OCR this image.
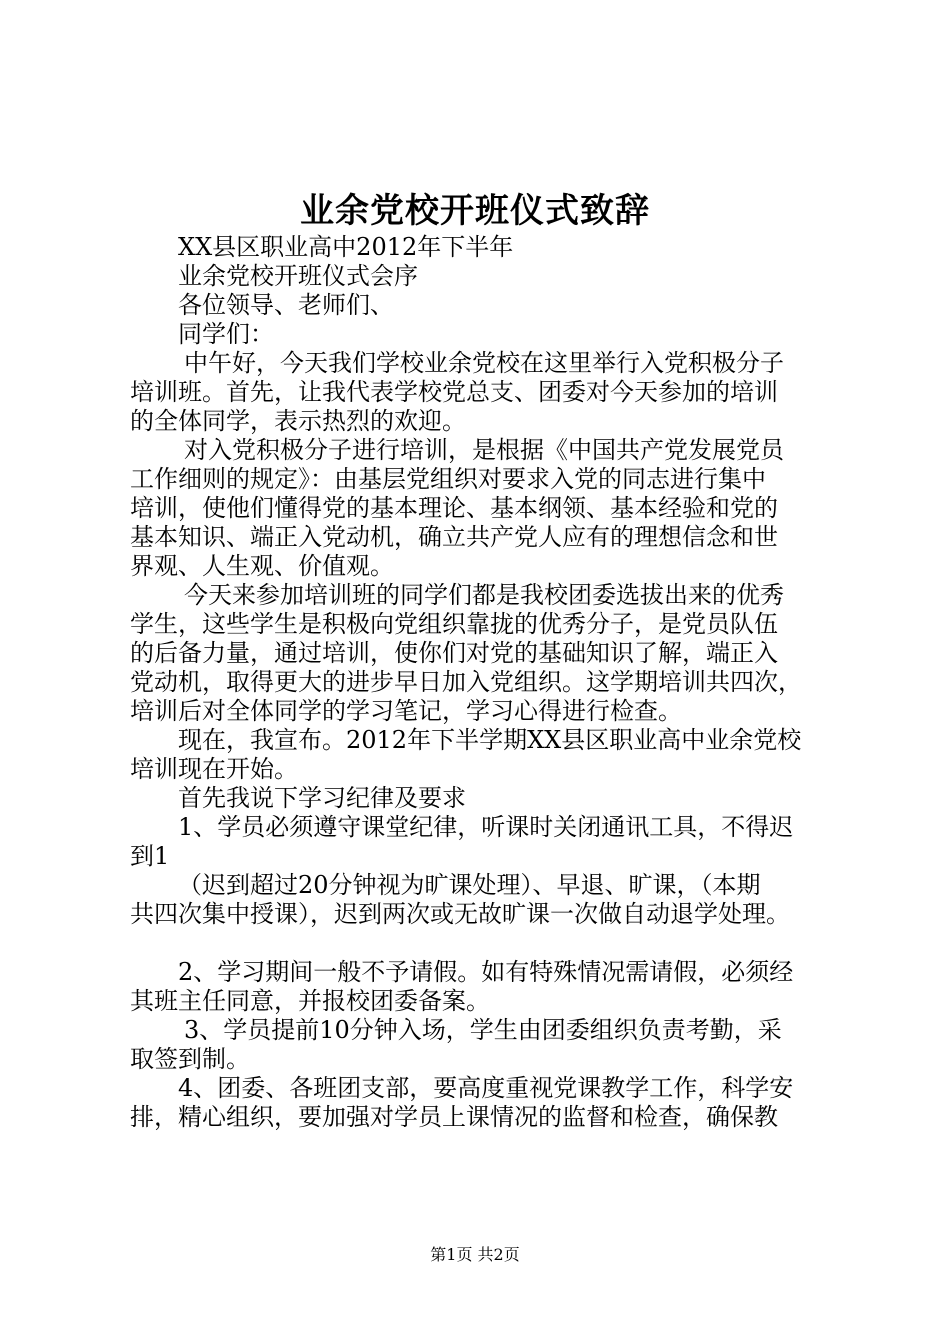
业余党校开班仪式致辞
XX县区职业高中2012年下半年
业余党校开班仪式会序
各位领导、老师们、
同学们：
中午好，今天我们学校业余党校在这里举行入党积极分子
培训班。首先，让我代表学校党总支、团委对今天参加的培训
的全体同学，表示热烈的欢迎。
对入党积极分子进行培训，是根据《中国共产党发展党员
工作细则的规定》：由基层党组织对要求入党的同志进行集中
培训，使他们懂得党的基本理论、基本纲领、基本经验和党的
基本知识、端正入党动机，确立共产党人应有的理想信念和世
界观、人生观、价值观。
今天来参加培训班的同学们都是我校团委选拔出来的优秀
学生，这些学生是积极向党组织靠拢的优秀分子，是党员队伍
的后备力量，通过培训，使你们对党的基础知识了解，端正入
党动机，取得更大的进步早日加入党组织。这学期培训共四次，
培训后对全体同学的学习笔记，学习心得进行检查。
现在，我宣布。2012年下半学期XX县区职业高中业余党校
培训现在开始。
首先我说下学习纪律及要求
1、学员必须遵守课堂纪律，听课时关闭通讯工具，不得迟
到1
（迟到超过20分钟视为旷课处理）、早退、旷课，（本期
共四次集中授课），迟到两次或无故旷课一次做自动退学处理。
2、学习期间一般不予请假。如有特殊情况需请假，必须经
其班主任同意，并报校团委备案。
3、学员提前10分钟入场，学生由团委组织负责考勤，采
取签到制。
4、团委、各班团支部，要高度重视党课教学工作，科学安
排，精心组织，要加强对学员上课情况的监督和检查，确保教
第1页 共2页
